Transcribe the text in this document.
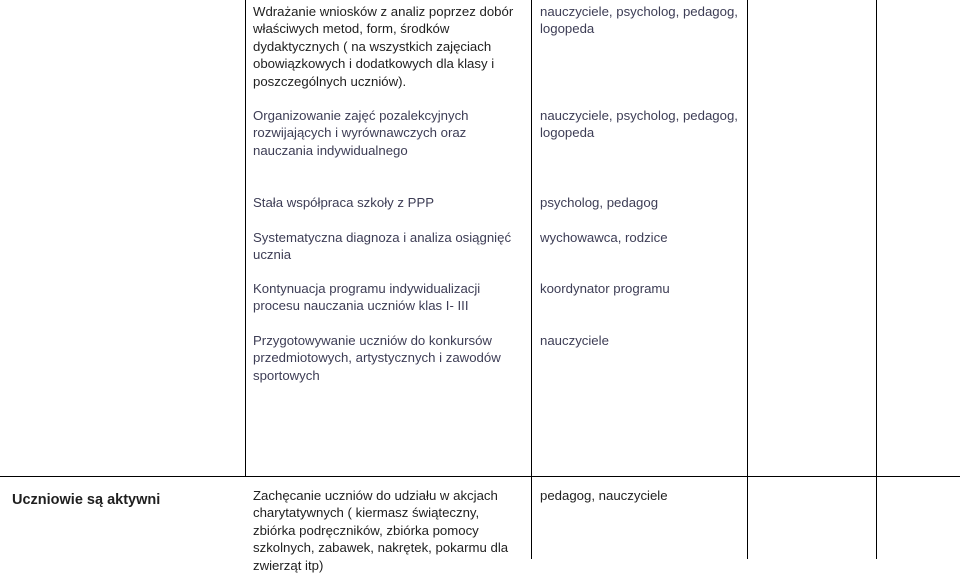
Wdrażanie wniosków z analiz poprzez dobór właściwych metod, form, środków dydaktycznych ( na wszystkich zajęciach obowiązkowych i dodatkowych dla klasy i poszczególnych uczniów).
Organizowanie zajęć pozalekcyjnych rozwijających i wyrównawczych oraz nauczania indywidualnego
nauczyciele, psycholog, pedagog, logopeda
nauczyciele, psycholog, pedagog, logopeda
Stała współpraca szkoły z PPP
Systematyczna diagnoza i analiza osiągnięć ucznia
Kontynuacja programu indywidualizacji procesu nauczania uczniów klas I- III
Przygotowywanie uczniów do konkursów przedmiotowych, artystycznych i zawodów sportowych
psycholog, pedagog
wychowawca, rodzice
koordynator programu
nauczyciele
Uczniowie są aktywni	Zachęcanie uczniów do udziału w akcjach charytatywnych ( kiermasz świąteczny, zbiórka podręczników, zbiórka pomocy szkolnych, zabawek, nakrętek, pokarmu dla zwierząt itp)
pedagog, nauczyciele
